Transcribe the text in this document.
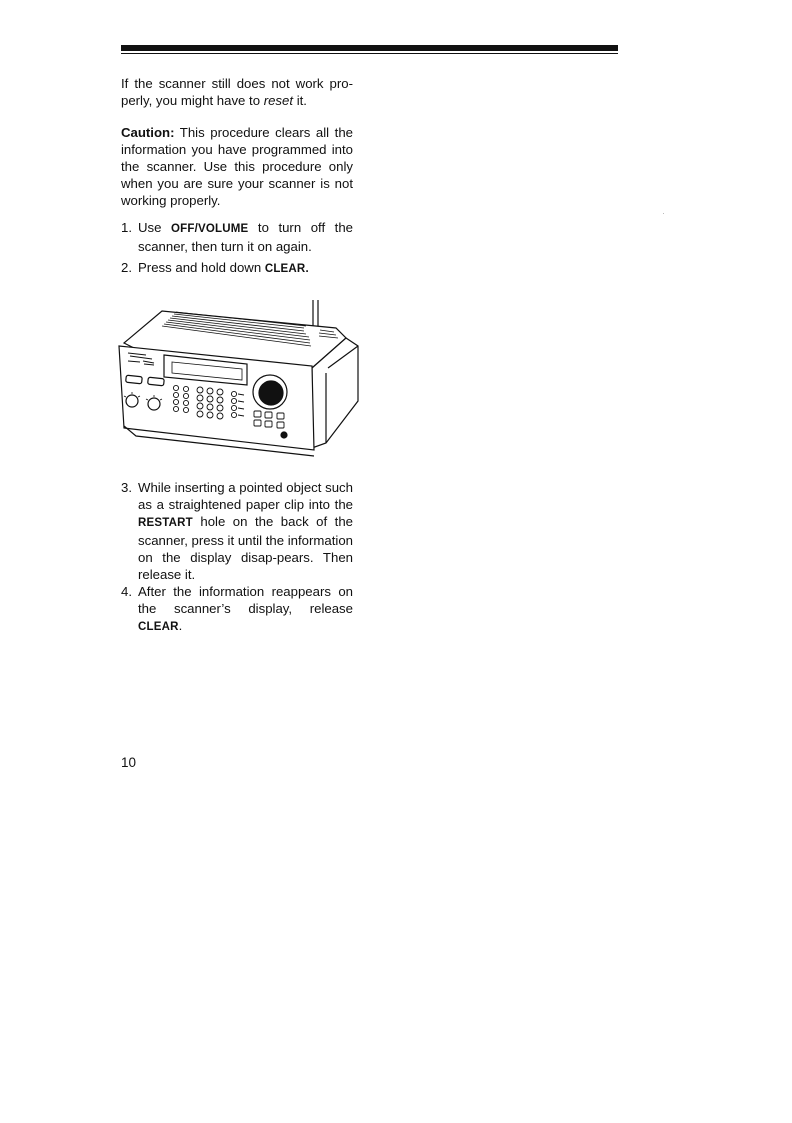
If the scanner still does not work pro-perly, you might have to reset it.

Caution: This procedure clears all the information you have programmed into the scanner. Use this procedure only when you are sure your scanner is not working properly.

1. Use OFF/VOLUME to turn off the scanner, then turn it on again.
2. Press and hold down CLEAR.
3. While inserting a pointed object such as a straightened paper clip into the RESTART hole on the back of the scanner, press it until the information on the display disap-pears. Then release it.
4. After the information reappears on the scanner’s display, release CLEAR.
10
